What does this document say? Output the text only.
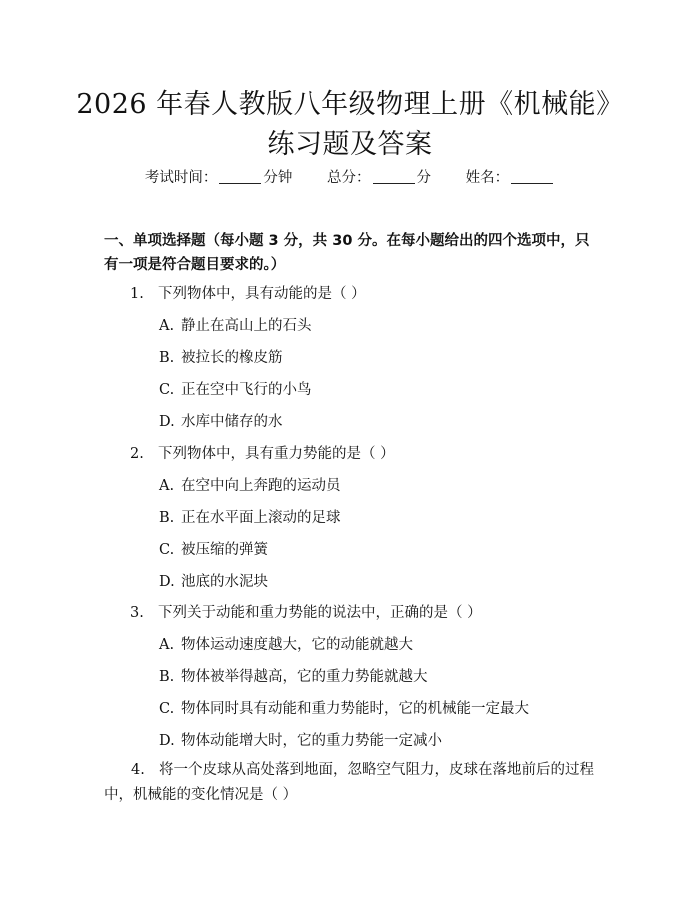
2026 年春人教版八年级物理上册《机械能》
练习题及答案
考试时间：	分钟 总分：	分 姓名：
一、单项选择题（每小题 3 分，共 30 分。在每小题给出的四个选项中，只有一项是符合题目要求的。）
1. 下列物体中，具有动能的是（ ）
A. 静止在高山上的石头
B. 被拉长的橡皮筋
C. 正在空中飞行的小鸟
D. 水库中储存的水
2. 下列物体中，具有重力势能的是（ ）
A. 在空中向上奔跑的运动员
B. 正在水平面上滚动的足球
C. 被压缩的弹簧
D. 池底的水泥块
3. 下列关于动能和重力势能的说法中，正确的是（ ）
A. 物体运动速度越大，它的动能就越大
B. 物体被举得越高，它的重力势能就越大
C. 物体同时具有动能和重力势能时，它的机械能一定最大
D. 物体动能增大时，它的重力势能一定减小
4. 将一个皮球从高处落到地面，忽略空气阻力，皮球在落地前后的过程中，机械能的变化情况是（ ）
